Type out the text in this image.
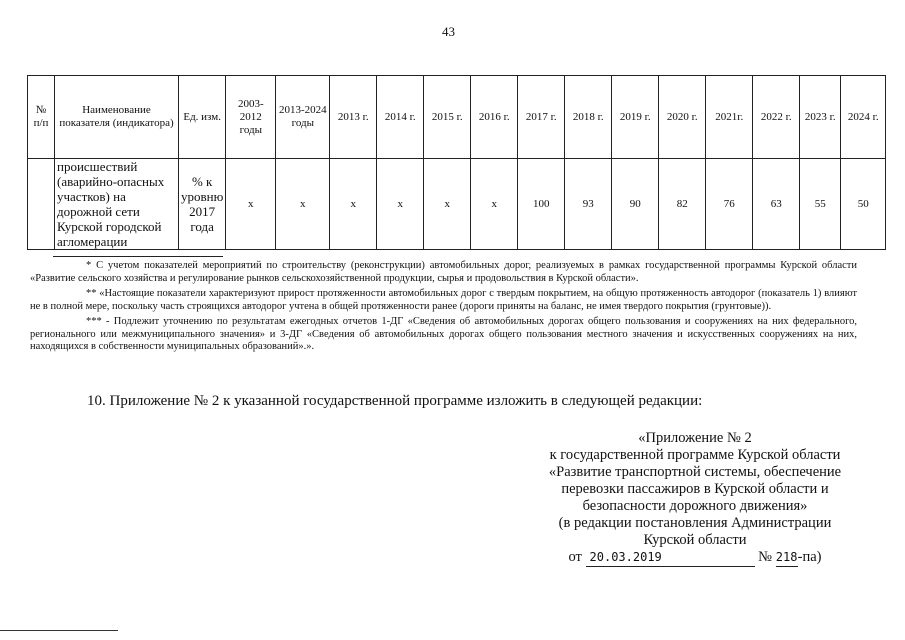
43
№ п/п	Наименование показателя (индикатора)	Ед. изм.	2003-2012 годы	2013-2024 годы	2013 г.	2014 г.	2015 г.	2016 г.	2017 г.	2018 г.	2019 г.	2020 г.	2021г.	2022 г.	2023 г.	2024 г.
	происшествий (аварийно-опасных участков) на дорожной сети Курской городской агломерации	% к уровню 2017 года	x	x	x	x	x	x	100	93	90	82	76	63	55	50

* С учетом показателей мероприятий по строительству (реконструкции) автомобильных дорог, реализуемых в рамках государственной программы Курской области «Развитие сельского хозяйства и регулирование рынков сельскохозяйственной продукции, сырья и продовольствия в Курской области».

** «Настоящие показатели характеризуют прирост протяженности автомобильных дорог с твердым покрытием, на общую протяженность автодорог (показатель 1) влияют не в полной мере, поскольку часть строящихся автодорог учтена в общей протяженности ранее (дороги приняты на баланс, не имея твердого покрытия (грунтовые)).

*** - Подлежит уточнению по результатам ежегодных отчетов 1-ДГ «Сведения об автомобильных дорогах общего пользования и сооружениях на них федерального, регионального или межмуниципального значения» и 3-ДГ «Сведения об автомобильных дорогах общего пользования местного значения и искусственных сооружениях на них, находящихся в собственности муниципальных образований».».

10. Приложение № 2 к указанной государственной программе изложить в следующей редакции:
«Приложение № 2
к государственной программе Курской области
«Развитие транспортной системы, обеспечение
перевозки пассажиров в Курской области и
безопасности дорожного движения»
(в редакции постановления Администрации
Курской области
от 20.03.2019	№ 218-па)
